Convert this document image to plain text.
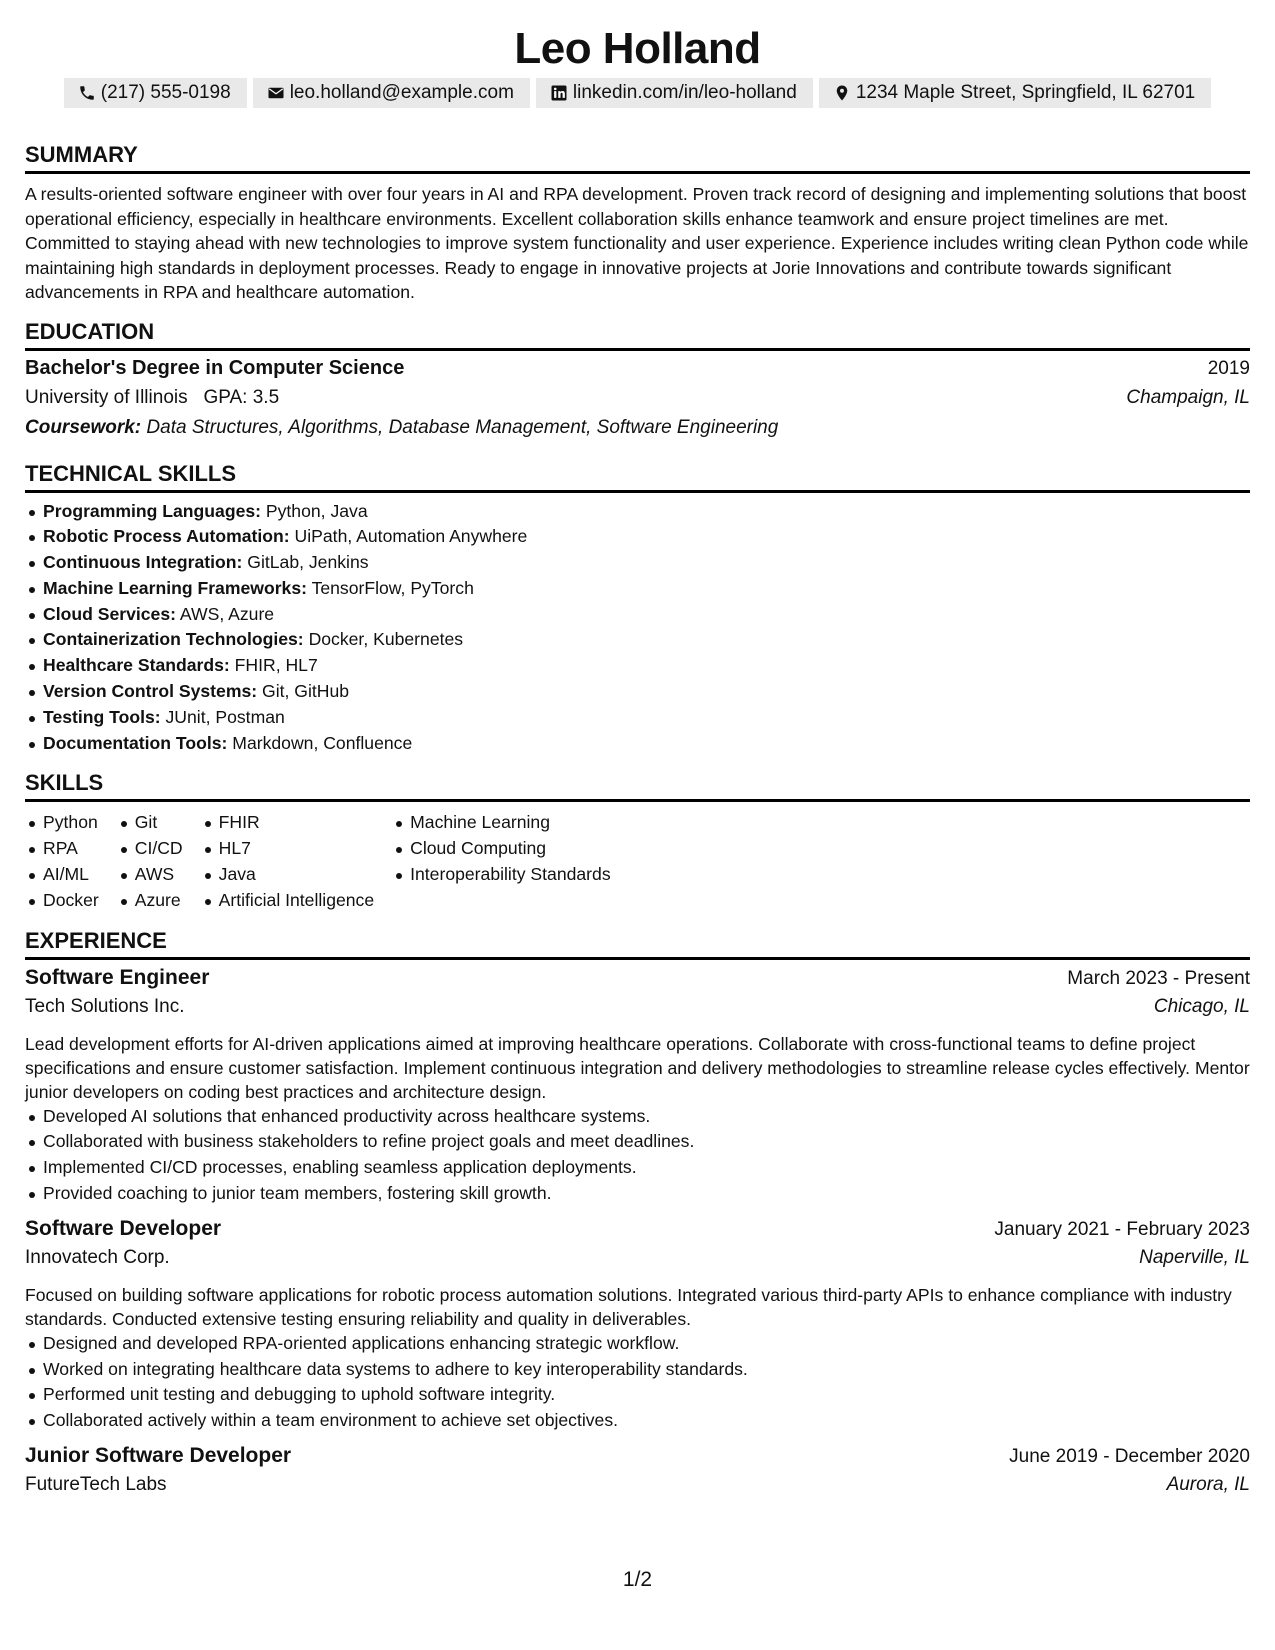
Leo Holland
(217) 555-0198	leo.holland@example.com	linkedin.com/in/leo-holland	1234 Maple Street, Springfield, IL 62701
SUMMARY
A results-oriented software engineer with over four years in AI and RPA development. Proven track record of designing and implementing solutions that boost operational efficiency, especially in healthcare environments. Excellent collaboration skills enhance teamwork and ensure project timelines are met. Committed to staying ahead with new technologies to improve system functionality and user experience. Experience includes writing clean Python code while maintaining high standards in deployment processes. Ready to engage in innovative projects at Jorie Innovations and contribute towards significant advancements in RPA and healthcare automation.
EDUCATION
Bachelor's Degree in Computer Science	2019
University of Illinois GPA: 3.5	Champaign, IL
Coursework: Data Structures, Algorithms, Database Management, Software Engineering
TECHNICAL SKILLS
Programming Languages: Python, Java
Robotic Process Automation: UiPath, Automation Anywhere
Continuous Integration: GitLab, Jenkins
Machine Learning Frameworks: TensorFlow, PyTorch
Cloud Services: AWS, Azure
Containerization Technologies: Docker, Kubernetes
Healthcare Standards: FHIR, HL7
Version Control Systems: Git, GitHub
Testing Tools: JUnit, Postman
Documentation Tools: Markdown, Confluence
SKILLS
Python
RPA
AI/ML
Docker
Git
CI/CD
AWS
Azure
FHIR
HL7
Java
Artificial Intelligence
Machine Learning
Cloud Computing
Interoperability Standards
EXPERIENCE
Software Engineer	March 2023 - Present
Tech Solutions Inc.	Chicago, IL
Lead development efforts for AI-driven applications aimed at improving healthcare operations. Collaborate with cross-functional teams to define project specifications and ensure customer satisfaction. Implement continuous integration and delivery methodologies to streamline release cycles effectively. Mentor junior developers on coding best practices and architecture design.
Developed AI solutions that enhanced productivity across healthcare systems.
Collaborated with business stakeholders to refine project goals and meet deadlines.
Implemented CI/CD processes, enabling seamless application deployments.
Provided coaching to junior team members, fostering skill growth.
Software Developer	January 2021 - February 2023
Innovatech Corp.	Naperville, IL
Focused on building software applications for robotic process automation solutions. Integrated various third-party APIs to enhance compliance with industry standards. Conducted extensive testing ensuring reliability and quality in deliverables.
Designed and developed RPA-oriented applications enhancing strategic workflow.
Worked on integrating healthcare data systems to adhere to key interoperability standards.
Performed unit testing and debugging to uphold software integrity.
Collaborated actively within a team environment to achieve set objectives.
Junior Software Developer	June 2019 - December 2020
FutureTech Labs	Aurora, IL
1/2
